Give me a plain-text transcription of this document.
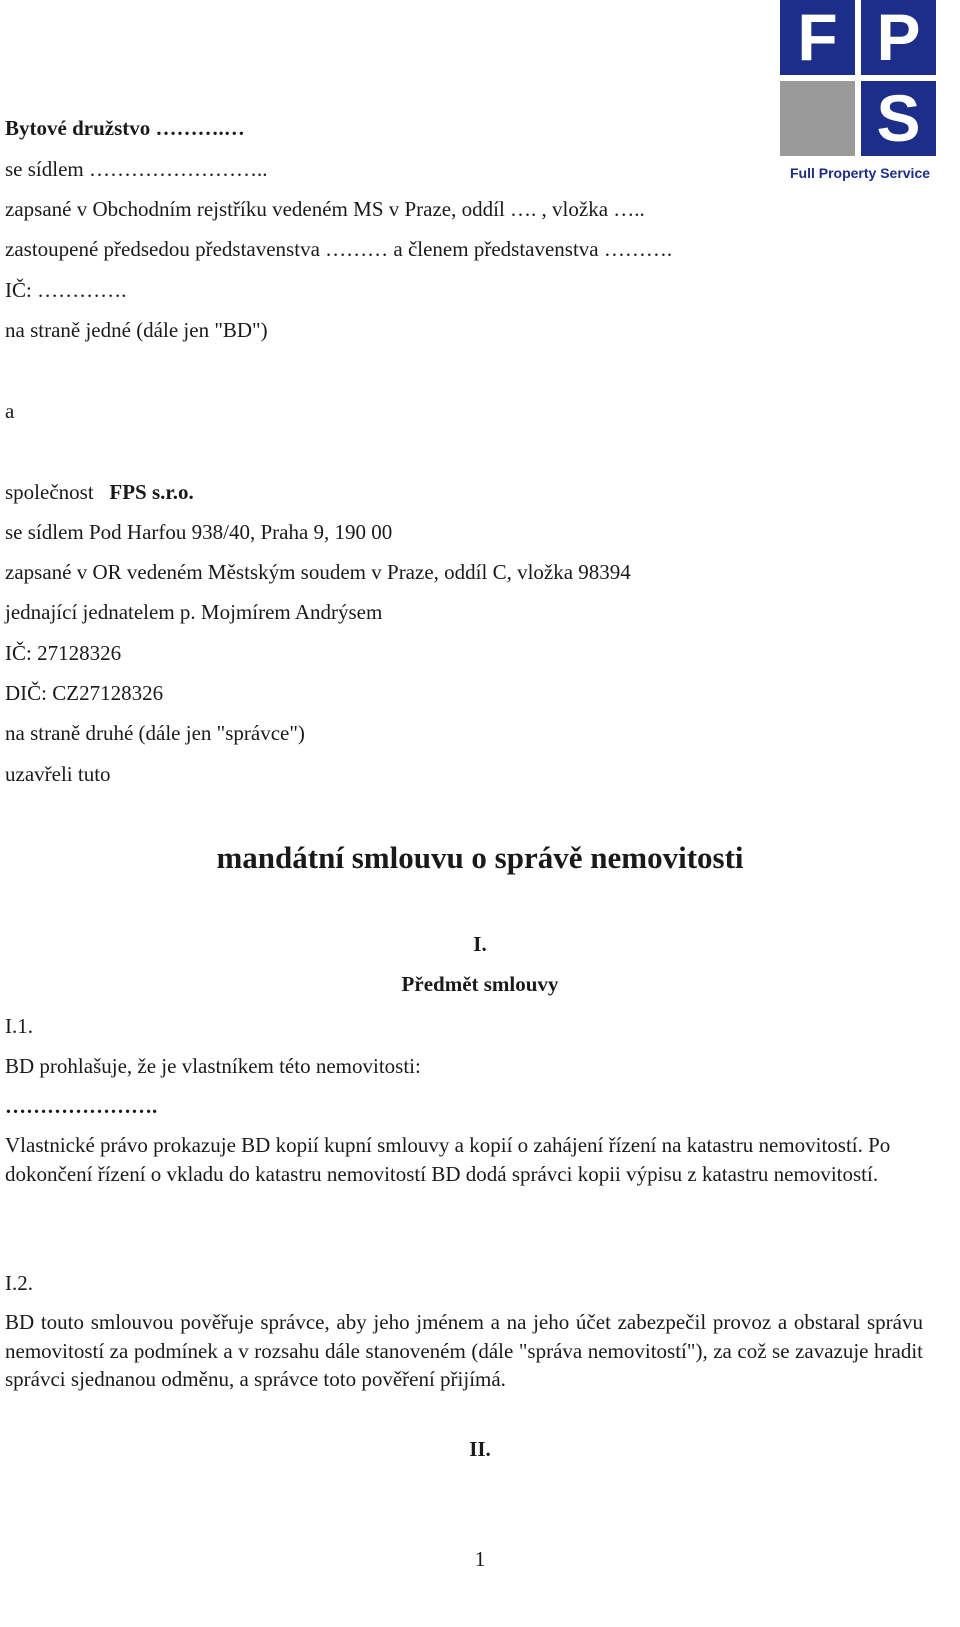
F P
S
Full Property Service
Bytové družstvo ……….…
se sídlem ……………………..
zapsané v Obchodním rejstříku vedeném MS v Praze, oddíl …. , vložka …..
zastoupené předsedou představenstva ……… a členem představenstva ……….
IČ: ………….
na straně jedné (dále jen "BD")
a
společnost FPS s.r.o.
se sídlem Pod Harfou 938/40, Praha 9, 190 00
zapsané v OR vedeném Městským soudem v Praze, oddíl C, vložka 98394
jednající jednatelem p. Mojmírem Andrýsem
IČ: 27128326
DIČ: CZ27128326
na straně druhé (dále jen "správce")
uzavřeli tuto
mandátní smlouvu o správě nemovitosti
I.
Předmět smlouvy
I.1.
BD prohlašuje, že je vlastníkem této nemovitosti:
………………….
Vlastnické právo prokazuje BD kopií kupní smlouvy a kopií o zahájení řízení na katastru nemovitostí. Po dokončení řízení o vkladu do katastru nemovitostí BD dodá správci kopii výpisu z katastru nemovitostí.
I.2.
BD touto smlouvou pověřuje správce, aby jeho jménem a na jeho účet zabezpečil provoz a obstaral správu nemovitostí za podmínek a v rozsahu dále stanoveném (dále "správa nemovitostí"), za což se zavazuje hradit správci sjednanou odměnu, a správce toto pověření přijímá.
II.
1
